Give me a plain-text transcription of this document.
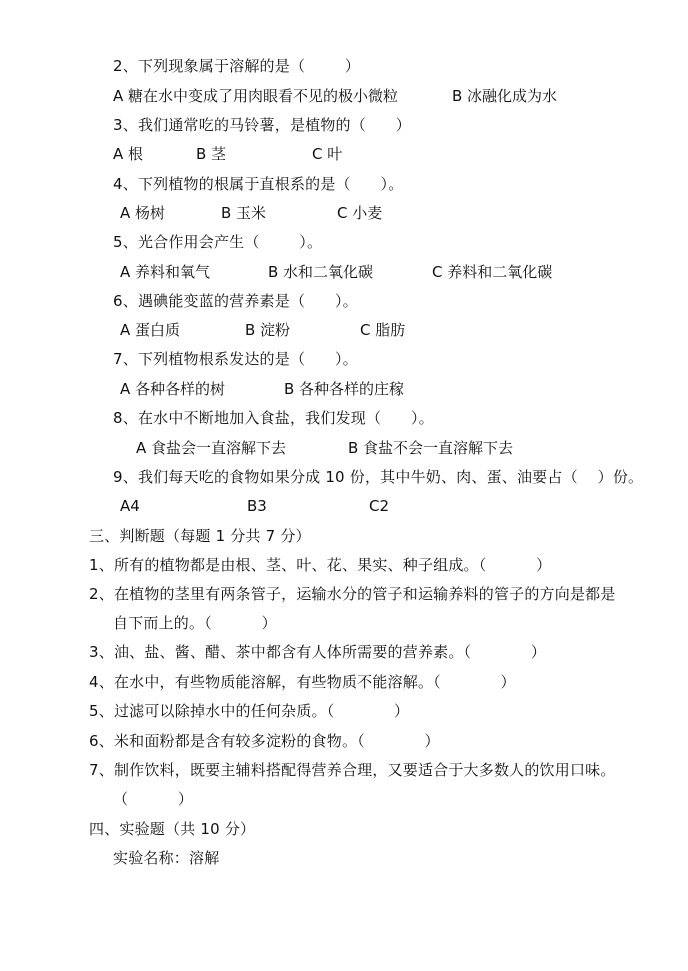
2、下列现象属于溶解的是（        ）
A 糖在水中变成了用肉眼看不见的极小微粒	B 冰融化成为水
3、我们通常吃的马铃薯，是植物的（      ）
A 根	B 茎	C 叶
4、下列植物的根属于直根系的是（      ）。
A 杨树	B 玉米	C 小麦
5、光合作用会产生（        ）。
A 养料和氧气	B 水和二氧化碳	C 养料和二氧化碳
6、遇碘能变蓝的营养素是（      ）。
A 蛋白质	B 淀粉	C 脂肪
7、下列植物根系发达的是（      ）。
A 各种各样的树	B 各种各样的庄稼
8、在水中不断地加入食盐，我们发现（      ）。
A 食盐会一直溶解下去	B 食盐不会一直溶解下去
9、我们每天吃的食物如果分成 10 份，其中牛奶、肉、蛋、油要占（    ）份。
A4	B3	C2
三、判断题（每题 1 分共 7 分）
1、所有的植物都是由根、茎、叶、花、果实、种子组成。（          ）
2、在植物的茎里有两条管子，运输水分的管子和运输养料的管子的方向是都是
自下而上的。（          ）
3、油、盐、酱、醋、茶中都含有人体所需要的营养素。（            ）
4、在水中，有些物质能溶解，有些物质不能溶解。（            ）
5、过滤可以除掉水中的任何杂质。（            ）
6、米和面粉都是含有较多淀粉的食物。（            ）
7、制作饮料，既要主辅料搭配得营养合理，又要适合于大多数人的饮用口味。
（          ）
四、实验题（共 10 分）
实验名称：溶解
